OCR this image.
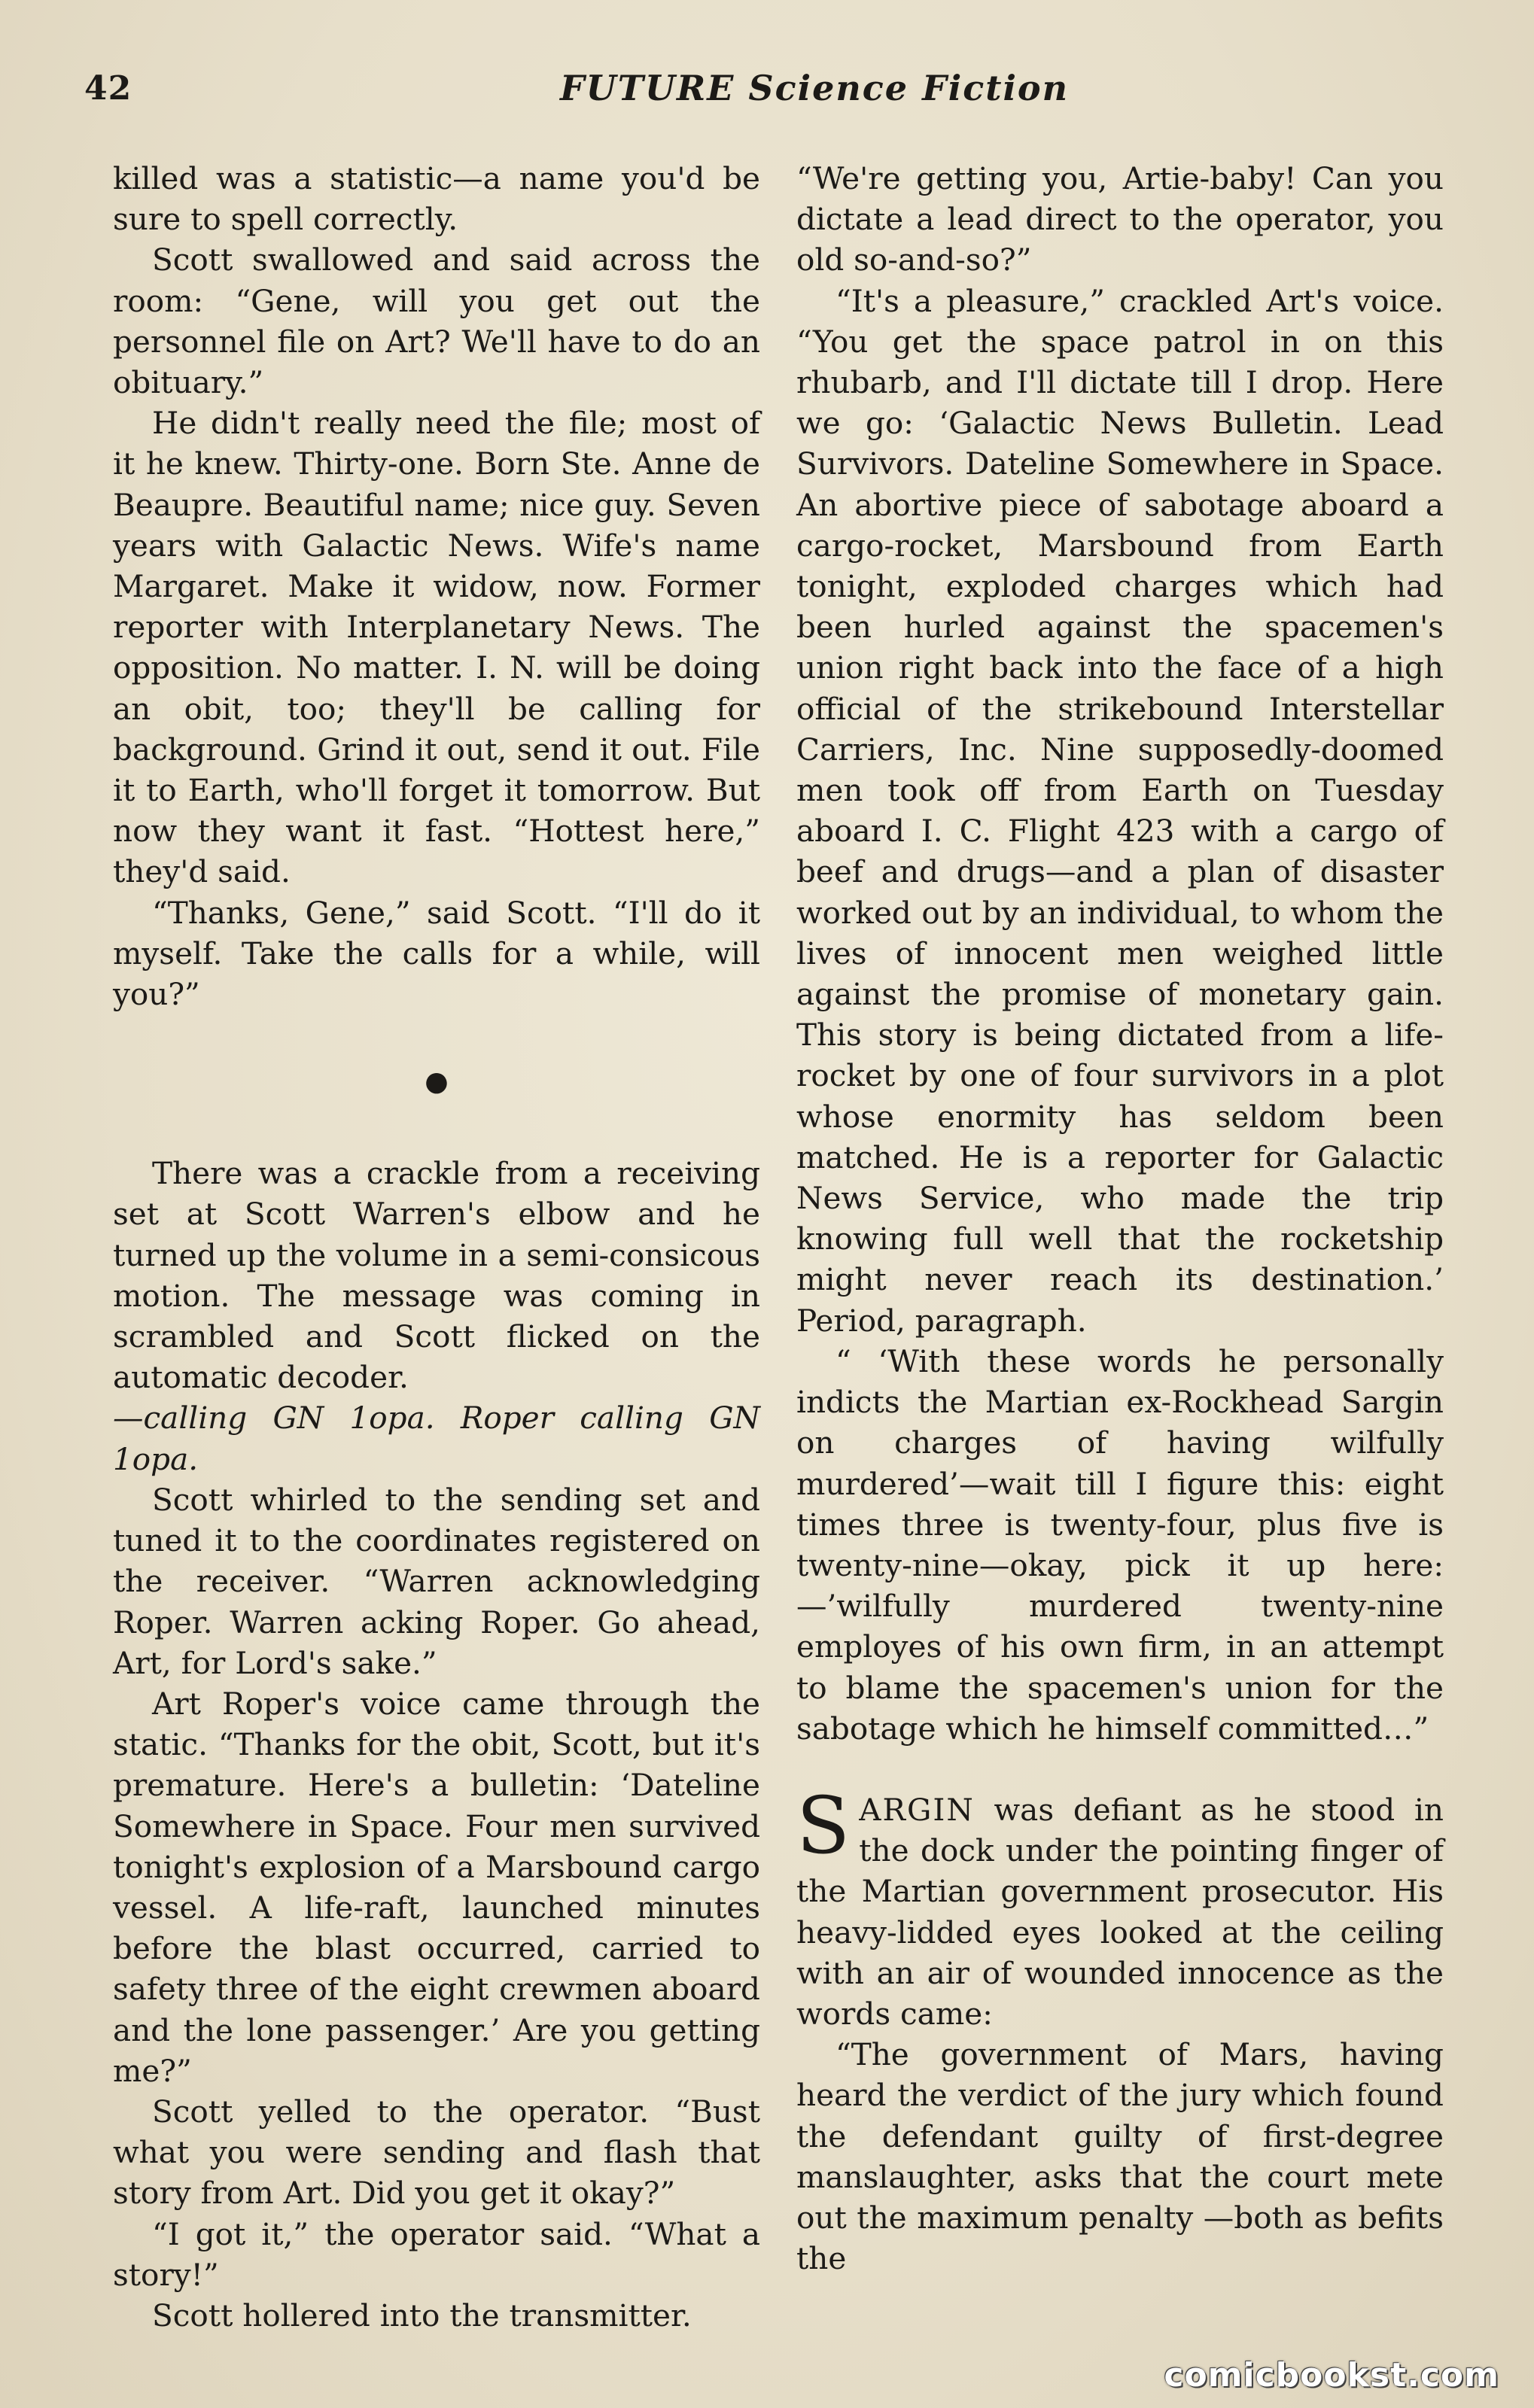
42	FUTURE Science Fiction

killed was a statistic—a name you'd be sure to spell correctly.

Scott swallowed and said across the room: “Gene, will you get out the personnel file on Art? We'll have to do an obituary.”

He didn't really need the file; most of it he knew. Thirty-one. Born Ste. Anne de Beaupre. Beautiful name; nice guy. Seven years with Galactic News. Wife's name Margaret. Make it widow, now. Former reporter with Interplanetary News. The opposition. No matter. I. N. will be doing an obit, too; they'll be calling for background. Grind it out, send it out. File it to Earth, who'll forget it tomorrow. But now they want it fast. “Hottest here,” they'd said.

“Thanks, Gene,” said Scott. “I'll do it myself. Take the calls for a while, will you?”

●

There was a crackle from a receiving set at Scott Warren's elbow and he turned up the volume in a semi-consicous motion. The message was coming in scrambled and Scott flicked on the automatic decoder.

—calling GN 1opa. Roper calling GN 1opa.

Scott whirled to the sending set and tuned it to the coordinates registered on the receiver. “Warren acknowledging Roper. Warren acking Roper. Go ahead, Art, for Lord's sake.”

Art Roper's voice came through the static. “Thanks for the obit, Scott, but it's premature. Here's a bulletin: ‘Dateline Somewhere in Space. Four men survived tonight's explosion of a Marsbound cargo vessel. A life-raft, launched minutes before the blast occurred, carried to safety three of the eight crewmen aboard and the lone passenger.’ Are you getting me?”

Scott yelled to the operator. “Bust what you were sending and flash that story from Art. Did you get it okay?”

“I got it,” the operator said. “What a story!”

Scott hollered into the transmitter.

“We're getting you, Artie-baby! Can you dictate a lead direct to the operator, you old so-and-so?”

“It's a pleasure,” crackled Art's voice. “You get the space patrol in on this rhubarb, and I'll dictate till I drop. Here we go: ‘Galactic News Bulletin. Lead Survivors. Dateline Somewhere in Space. An abortive piece of sabotage aboard a cargo-rocket, Marsbound from Earth tonight, exploded charges which had been hurled against the spacemen's union right back into the face of a high official of the strikebound Interstellar Carriers, Inc. Nine supposedly-doomed men took off from Earth on Tuesday aboard I. C. Flight 423 with a cargo of beef and drugs—and a plan of disaster worked out by an individual, to whom the lives of innocent men weighed little against the promise of monetary gain. This story is being dictated from a life-rocket by one of four survivors in a plot whose enormity has seldom been matched. He is a reporter for Galactic News Service, who made the trip knowing full well that the rocketship might never reach its destination.’ Period, paragraph.

“ ‘With these words he personally indicts the Martian ex-Rockhead Sargin on charges of having wilfully murdered’—wait till I figure this: eight times three is twenty-four, plus five is twenty-nine—okay, pick it up here: —’wilfully murdered twenty-nine employes of his own firm, in an attempt to blame the spacemen's union for the sabotage which he himself committed…”

SARGIN was defiant as he stood in the dock under the pointing finger of the Martian government prosecutor. His heavy-lidded eyes looked at the ceiling with an air of wounded innocence as the words came:

“The government of Mars, having heard the verdict of the jury which found the defendant guilty of first-degree manslaughter, asks that the court mete out the maximum penalty —both as befits the

comicbookst.com
